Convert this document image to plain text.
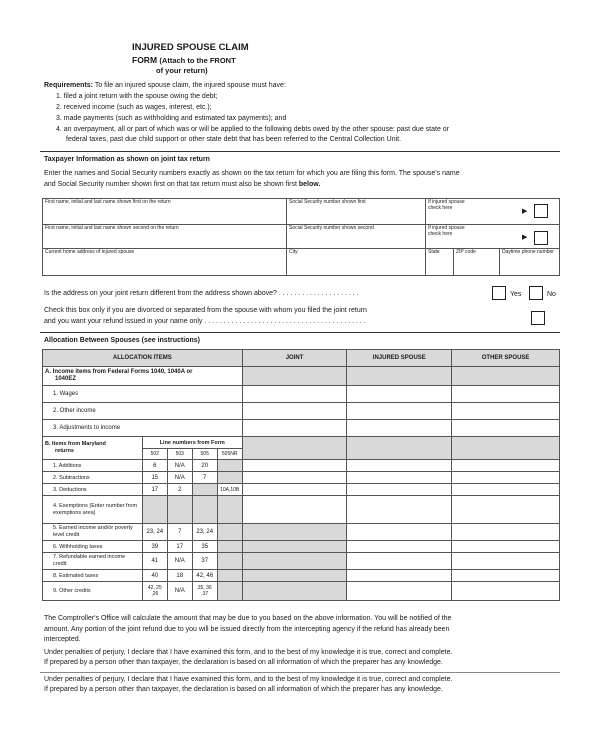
INJURED SPOUSE CLAIM
FORM (Attach to the FRONT
of your return)
Requirements: To file an injured spouse claim, the injured spouse must have:
1. filed a joint return with the spouse owing the debt;
2. received income (such as wages, interest, etc.);
3. made payments (such as withholding and estimated tax payments); and
4. an overpayment, all or part of which was or will be applied to the following debts owed by the other spouse: past due state or
federal taxes, past due child support or other state debt that has been referred to the Central Collection Unit.
Taxpayer Information as shown on joint tax return
Enter the names and Social Security numbers exactly as shown on the tax return for which you are filing this form. The spouse's name
and Social Security number shown first on that tax return must also be shown first below.
First name, initial and last name shown first on the return	Social Security number shown first	If injured spouse
check here ▶		

First name, initial and last name shown second on the return	Social Security number shown second	If injured spouse
check here ▶		

Current home address of injured spouse	City	State	ZIP code	Daytime phone number
Is the address on your joint return different from the address shown above? . . . . . . . . . . . . . . . . . . . . .	Yes	No
Check this box only if you are divorced or separated from the spouse with whom you filed the joint return
and you want your refund issued in your name only . . . . . . . . . . . . . . . . . . . . . . . . . . . . . . . . . . . . . . . . . .
Allocation Between Spouses (see instructions)
ALLOCATION ITEMS					JOINT	INJURED SPOUSE	OTHER SPOUSE

A. Income items from Federal Forms 1040, 1040A or
1040EZ							

1. Wages							
2. Other income							
3. Adjustments to income							

B. Items from Maryland
returns	Line numbers from Form						
	502	503	505	505NR			
1. Additions	6	N/A	20				
2. Subtractions	15	N/A	7				
3. Deductions	17	2		10A,10B			
4. Exemptions (Enter number from exemptions area)							
5. Earned income and/or poverty level credit	23, 24	7	23, 24				
6. Withholding taxes	39	17	35				
7. Refundable earned income credit	41	N/A	37				
8. Estimated taxes	40	18	42, 46				
9. Other credits	42, 25 ,26	N/A	35, 36 ,37				
The Comptroller's Office will calculate the amount that may be due to you based on the above information. You will be notified of the
amount. Any portion of the joint refund due to you will be issued directly from the intercepting agency if the refund has already been
intercepted.
Under penalties of perjury, I declare that I have examined this form, and to the best of my knowledge it is true, correct and complete.
If prepared by a person other than taxpayer, the declaration is based on all information of which the preparer has any knowledge.
Under penalties of perjury, I declare that I have examined this form, and to the best of my knowledge it is true, correct and complete.
If prepared by a person other than taxpayer, the declaration is based on all information of which the preparer has any knowledge.
